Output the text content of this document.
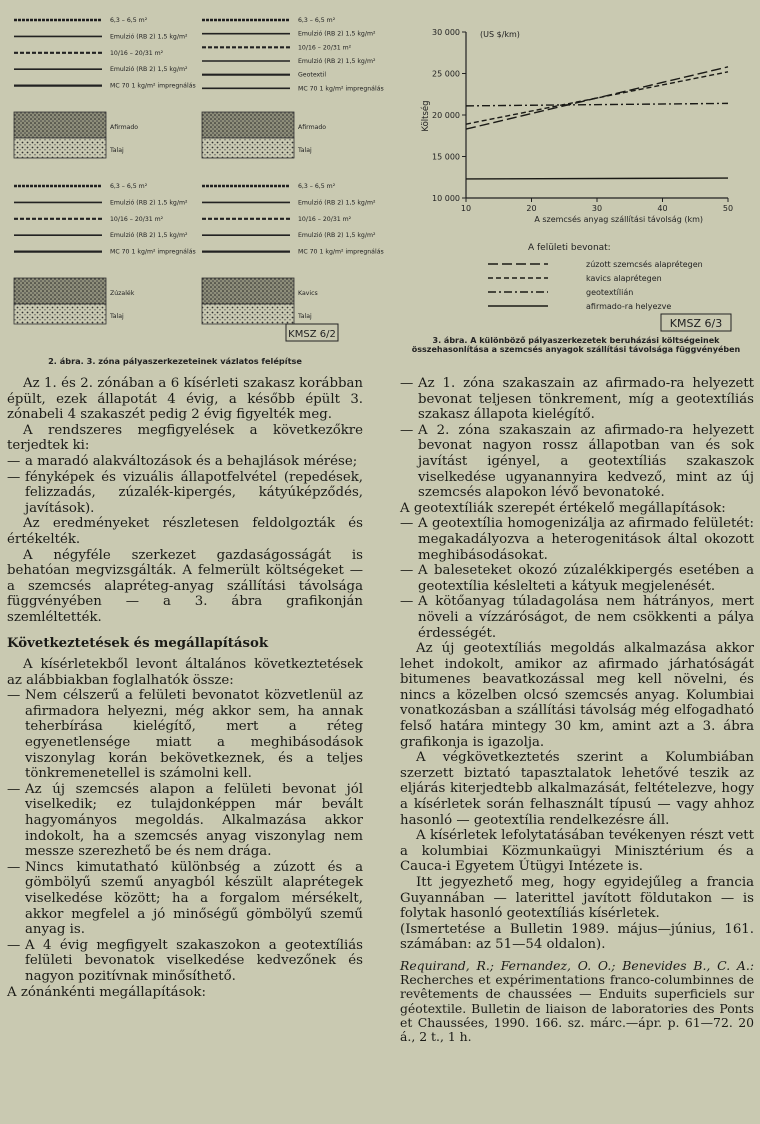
6,3 – 6,5 m²
Emulzió (RB 2) 1,5 kg/m²
10/16 – 20/31 m²
Emulzió (RB 2) 1,5 kg/m²
MC 70 1 kg/m² impregnálás
Afirmado
Talaj
6,3 – 6,5 m²
Emulzió (RB 2) 1,5 kg/m²
10/16 – 20/31 m²
Emulzió (RB 2) 1,5 kg/m²
Geotextil
MC 70 1 kg/m² impregnálás
Afirmado
Talaj
6,3 – 6,5 m²
Emulzió (RB 2) 1,5 kg/m²
10/16 – 20/31 m²
Emulzió (RB 2) 1,5 kg/m²
MC 70 1 kg/m² impregnálás
Zúzalék
Talaj
6,3 – 6,5 m²
Emulzió (RB 2) 1,5 kg/m²
10/16 – 20/31 m²
Emulzió (RB 2) 1,5 kg/m²
MC 70 1 kg/m² impregnálás
Kavics
Talaj
KMSZ 6/2
2. ábra. 3. zóna pályaszerkezeteinek vázlatos felépítse
10 000
15 000
20 000
25 000
30 000
10	20	30	40	50
A szemcsés anyag szállítási távolság (km)
Költség
(US $/km)
A felületi bevonat:
zúzott szemcsés alaprétegen
kavics alaprétegen
geotextílián
afirmado-ra helyezve
KMSZ 6/3
3. ábra. A különböző pályaszerkezetek beruházási költségeinek összehasonlítása a szemcsés anyagok szállítási távolsága függvényében

Az 1. és 2. zónában a 6 kísérleti szakasz korábban épült, ezek állapotát 4 évig, a később épült 3. zónabeli 4 szakaszét pedig 2 évig figyelték meg.

A rendszeres megfigyelések a következőkre terjedtek ki:

— a maradó alakváltozások és a behajlások mérése;

— fényképek és vizuális állapotfelvétel (repedések, felizzadás, zúzalék-kipergés, kátyúképződés, javítások).

Az eredményeket részletesen feldolgozták és értékelték.

A négyféle szerkezet gazdaságosságát is behatóan megvizsgálták. A felmerült költségeket — a szemcsés alapréteg-anyag szállítási távolsága függvényében — a 3. ábra grafikonján szemléltették.

Következtetések és megállapítások

A kísérletekből levont általános következtetések az alábbiakban foglalhatók össze:

— Nem célszerű a felületi bevonatot közvetlenül az afirmadora helyezni, még akkor sem, ha annak teherbírása kielégítő, mert a réteg egyenetlensége miatt a meghibásodások viszonylag korán bekövetkeznek, és a teljes tönkremenetellel is számolni kell.

— Az új szemcsés alapon a felületi bevonat jól viselkedik; ez tulajdonképpen már bevált hagyományos megoldás. Alkalmazása akkor indokolt, ha a szemcsés anyag viszonylag nem messze szerezhető be és nem drága.

— Nincs kimutatható különbség a zúzott és a gömbölyű szemű anyagból készült alaprétegek viselkedése között; ha a forgalom mérsékelt, akkor megfelel a jó minőségű gömbölyű szemű anyag is.

— A 4 évig megfigyelt szakaszokon a geotextíliás felületi bevonatok viselkedése kedvezőnek és nagyon pozitívnak minősíthető.

A zónánkénti megállapítások:

— Az 1. zóna szakaszain az afirmado-ra helyezett bevonat teljesen tönkrement, míg a geotextíliás szakasz állapota kielégítő.

— A 2. zóna szakaszain az afirmado-ra helyezett bevonat nagyon rossz állapotban van és sok javítást igényel, a geotextíliás szakaszok viselkedése ugyanannyira kedvező, mint az új szemcsés alapokon lévő bevonatoké.

A geotextíliák szerepét értékelő megállapítások:

— A geotextília homogenizálja az afirmado felületét: megakadályozva a heterogenitások által okozott meghibásodásokat.

— A baleseteket okozó zúzalékkipergés esetében a geotextília késlelteti a kátyuk megjelenését.

— A kötőanyag túladagolása nem hátrányos, mert növeli a vízzáróságot, de nem csökkenti a pálya érdességét.

Az új geotextíliás megoldás alkalmazása akkor lehet indokolt, amikor az afirmado járhatóságát bitumenes beavatkozással meg kell növelni, és nincs a közelben olcsó szemcsés anyag. Kolumbiai vonatkozásban a szállítási távolság még elfogadható felső határa mintegy 30 km, amint azt a 3. ábra grafikonja is igazolja.

A végkövetkeztetés szerint a Kolumbiában szerzett biztató tapasztalatok lehetővé teszik az eljárás kiterjedtebb alkalmazását, feltételezve, hogy a kísérletek során felhasznált típusú — vagy ahhoz hasonló — geotextília rendelkezésre áll.

A kísérletek lefolytatásában tevékenyen részt vett a kolumbiai Közmunkaügyi Minisztérium és a Cauca-i Egyetem Útügyi Intézete is.

Itt jegyezhető meg, hogy egyidejűleg a francia Guyannában — laterittel javított földutakon — is folytak hasonló geotextíliás kísérletek.

(Ismertetése a Bulletin 1989. május—június, 161. számában: az 51—54 oldalon).

Requirand, R.; Fernandez, O. O.; Benevides B., C. A.: Recherches et expérimentations franco-columbinnes de revêtements de chaussées — Enduits superficiels sur géotextile. Bulletin de liaison de laboratories des Ponts et Chaussées, 1990. 166. sz. márc.—ápr. p. 61—72. 20 á., 2 t., 1 h.
